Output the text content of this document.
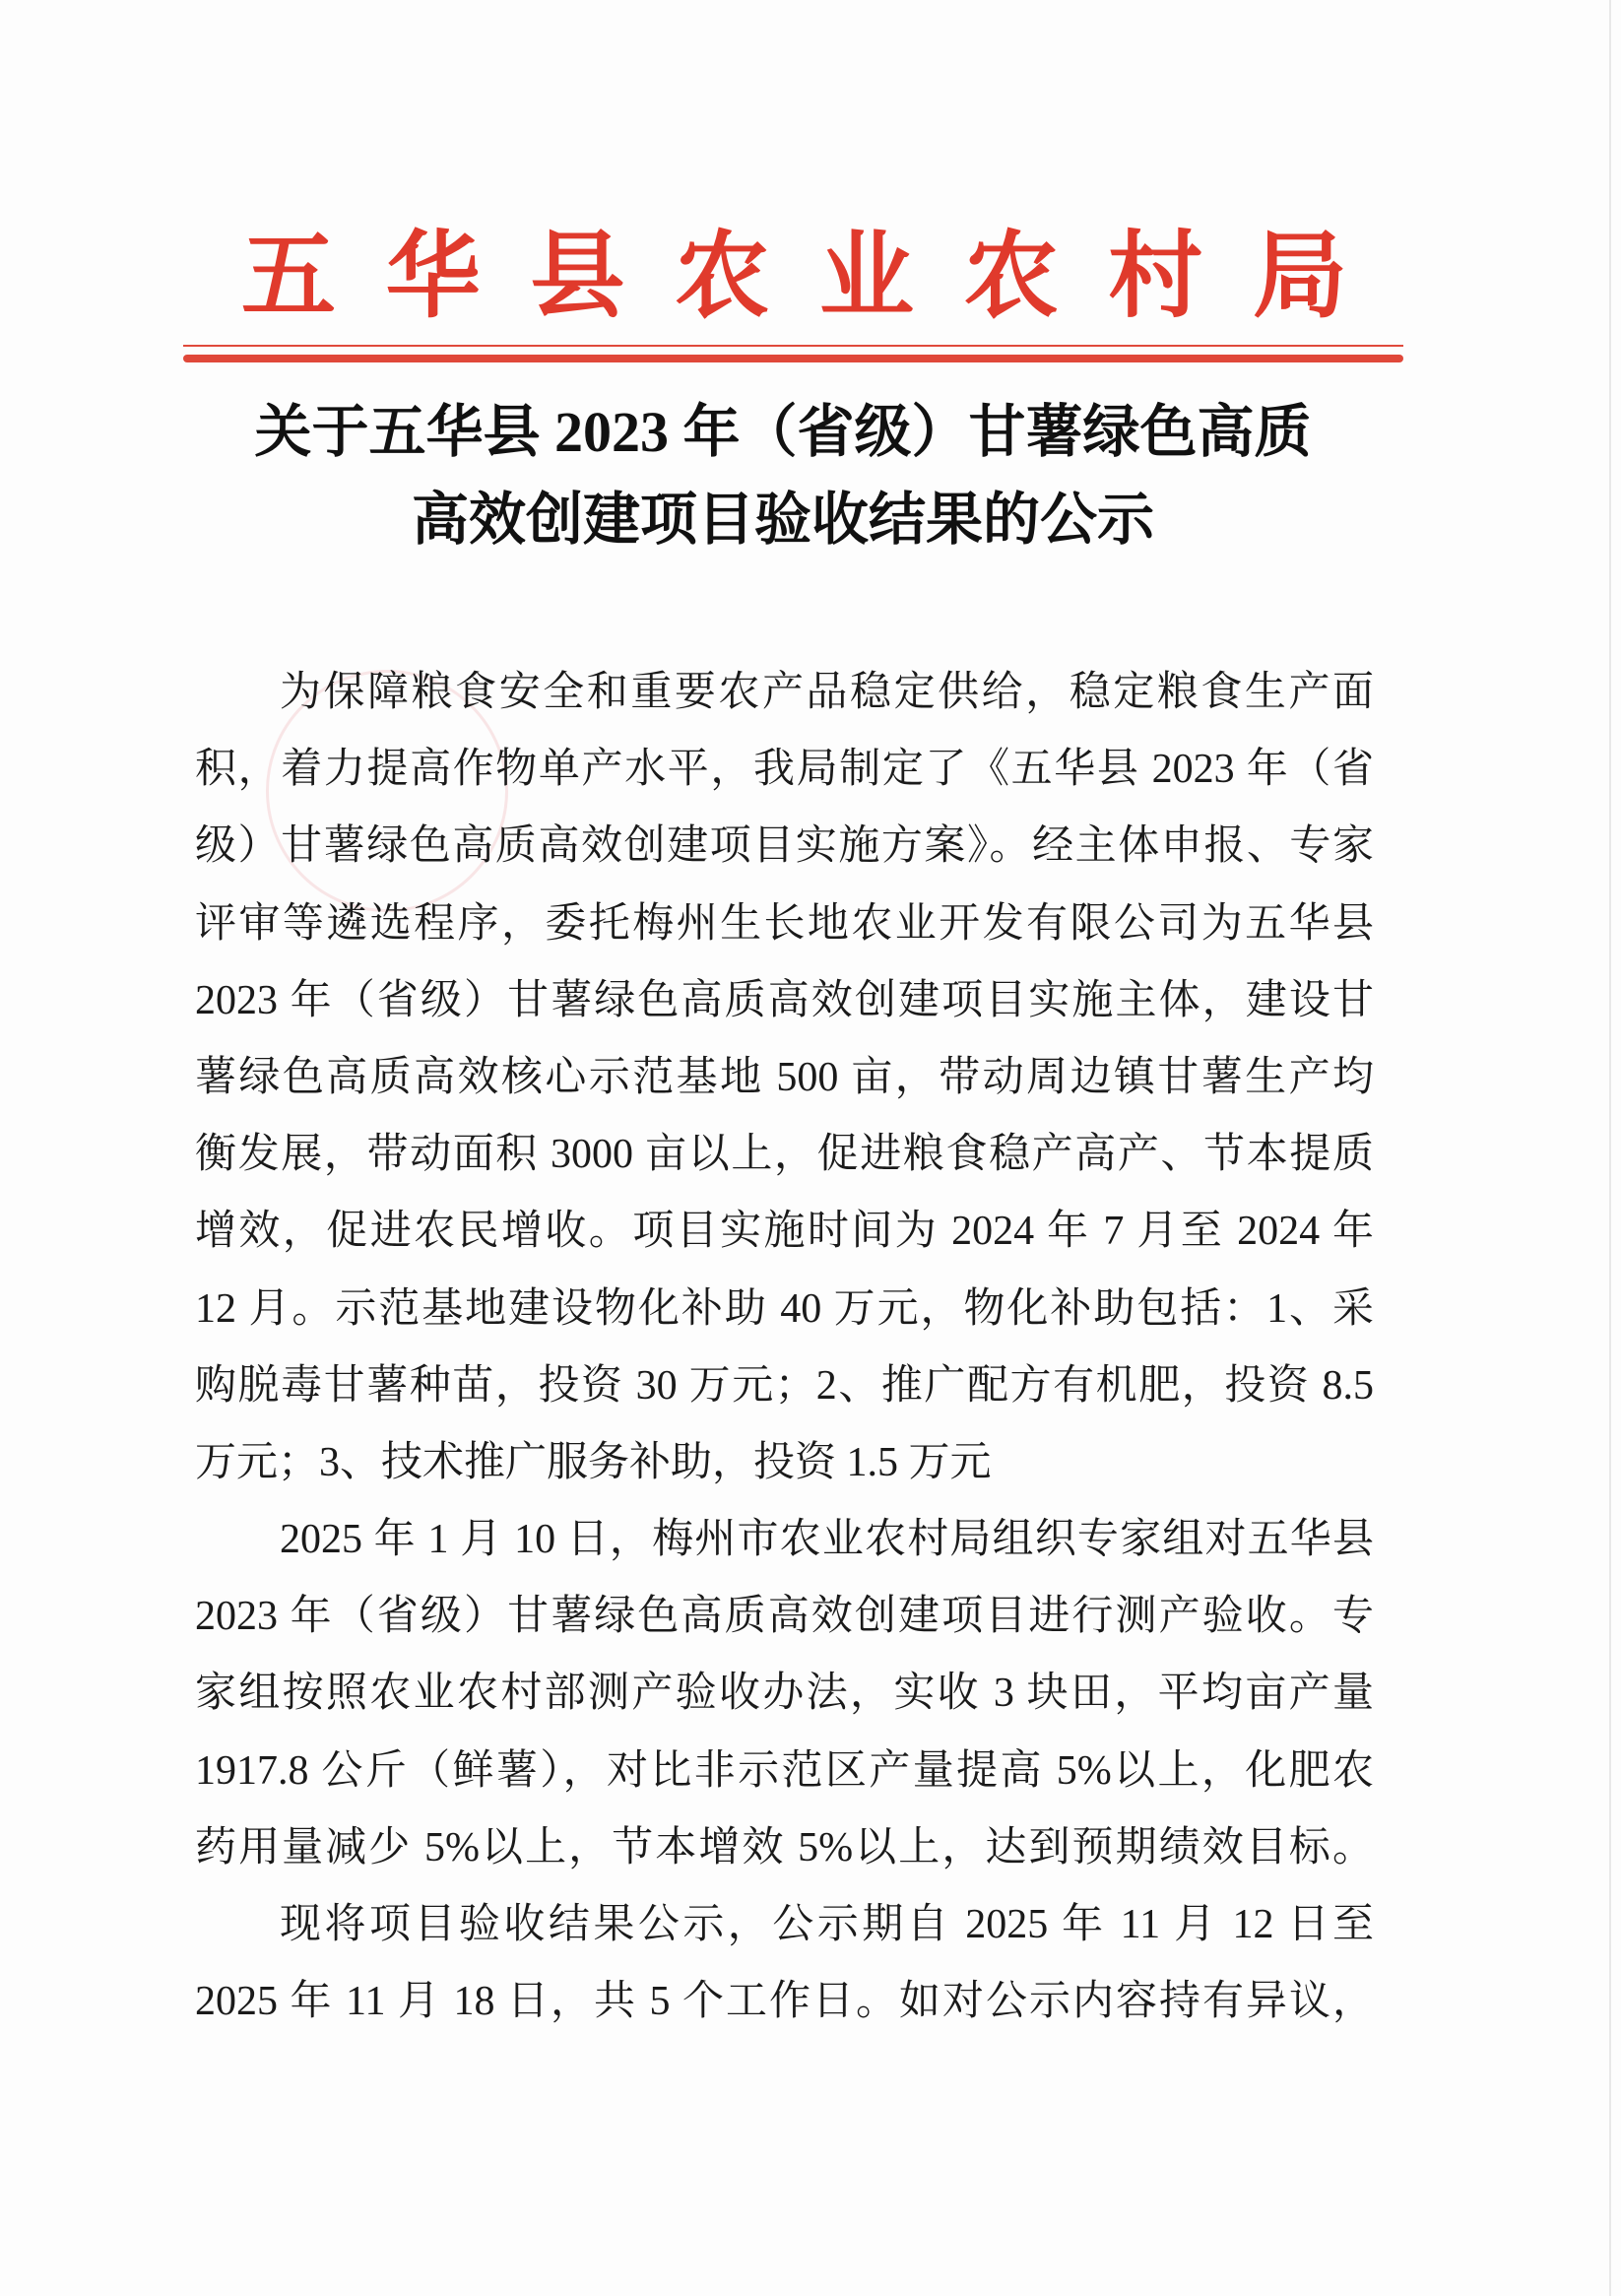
五华县农业农村局
关于五华县 2023 年（省级）甘薯绿色高质
高效创建项目验收结果的公示
为保障粮食安全和重要农产品稳定供给，稳定粮食生产面
积，着力提高作物单产水平，我局制定了《五华县 2023 年（省
级）甘薯绿色高质高效创建项目实施方案》。经主体申报、专家
评审等遴选程序，委托梅州生长地农业开发有限公司为五华县
2023 年（省级）甘薯绿色高质高效创建项目实施主体，建设甘
薯绿色高质高效核心示范基地 500 亩，带动周边镇甘薯生产均
衡发展，带动面积 3000 亩以上，促进粮食稳产高产、节本提质
增效，促进农民增收。项目实施时间为 2024 年 7 月至 2024 年
12 月。示范基地建设物化补助 40 万元，物化补助包括：1、采
购脱毒甘薯种苗，投资 30 万元；2、推广配方有机肥，投资 8.5
万元；3、技术推广服务补助，投资 1.5 万元
2025 年 1 月 10 日，梅州市农业农村局组织专家组对五华县
2023 年（省级）甘薯绿色高质高效创建项目进行测产验收。专
家组按照农业农村部测产验收办法，实收 3 块田，平均亩产量
1917.8 公斤（鲜薯），对比非示范区产量提高 5%以上，化肥农
药用量减少 5%以上，节本增效 5%以上，达到预期绩效目标。
现将项目验收结果公示，公示期自 2025 年 11 月 12 日至
2025 年 11 月 18 日，共 5 个工作日。如对公示内容持有异议，
